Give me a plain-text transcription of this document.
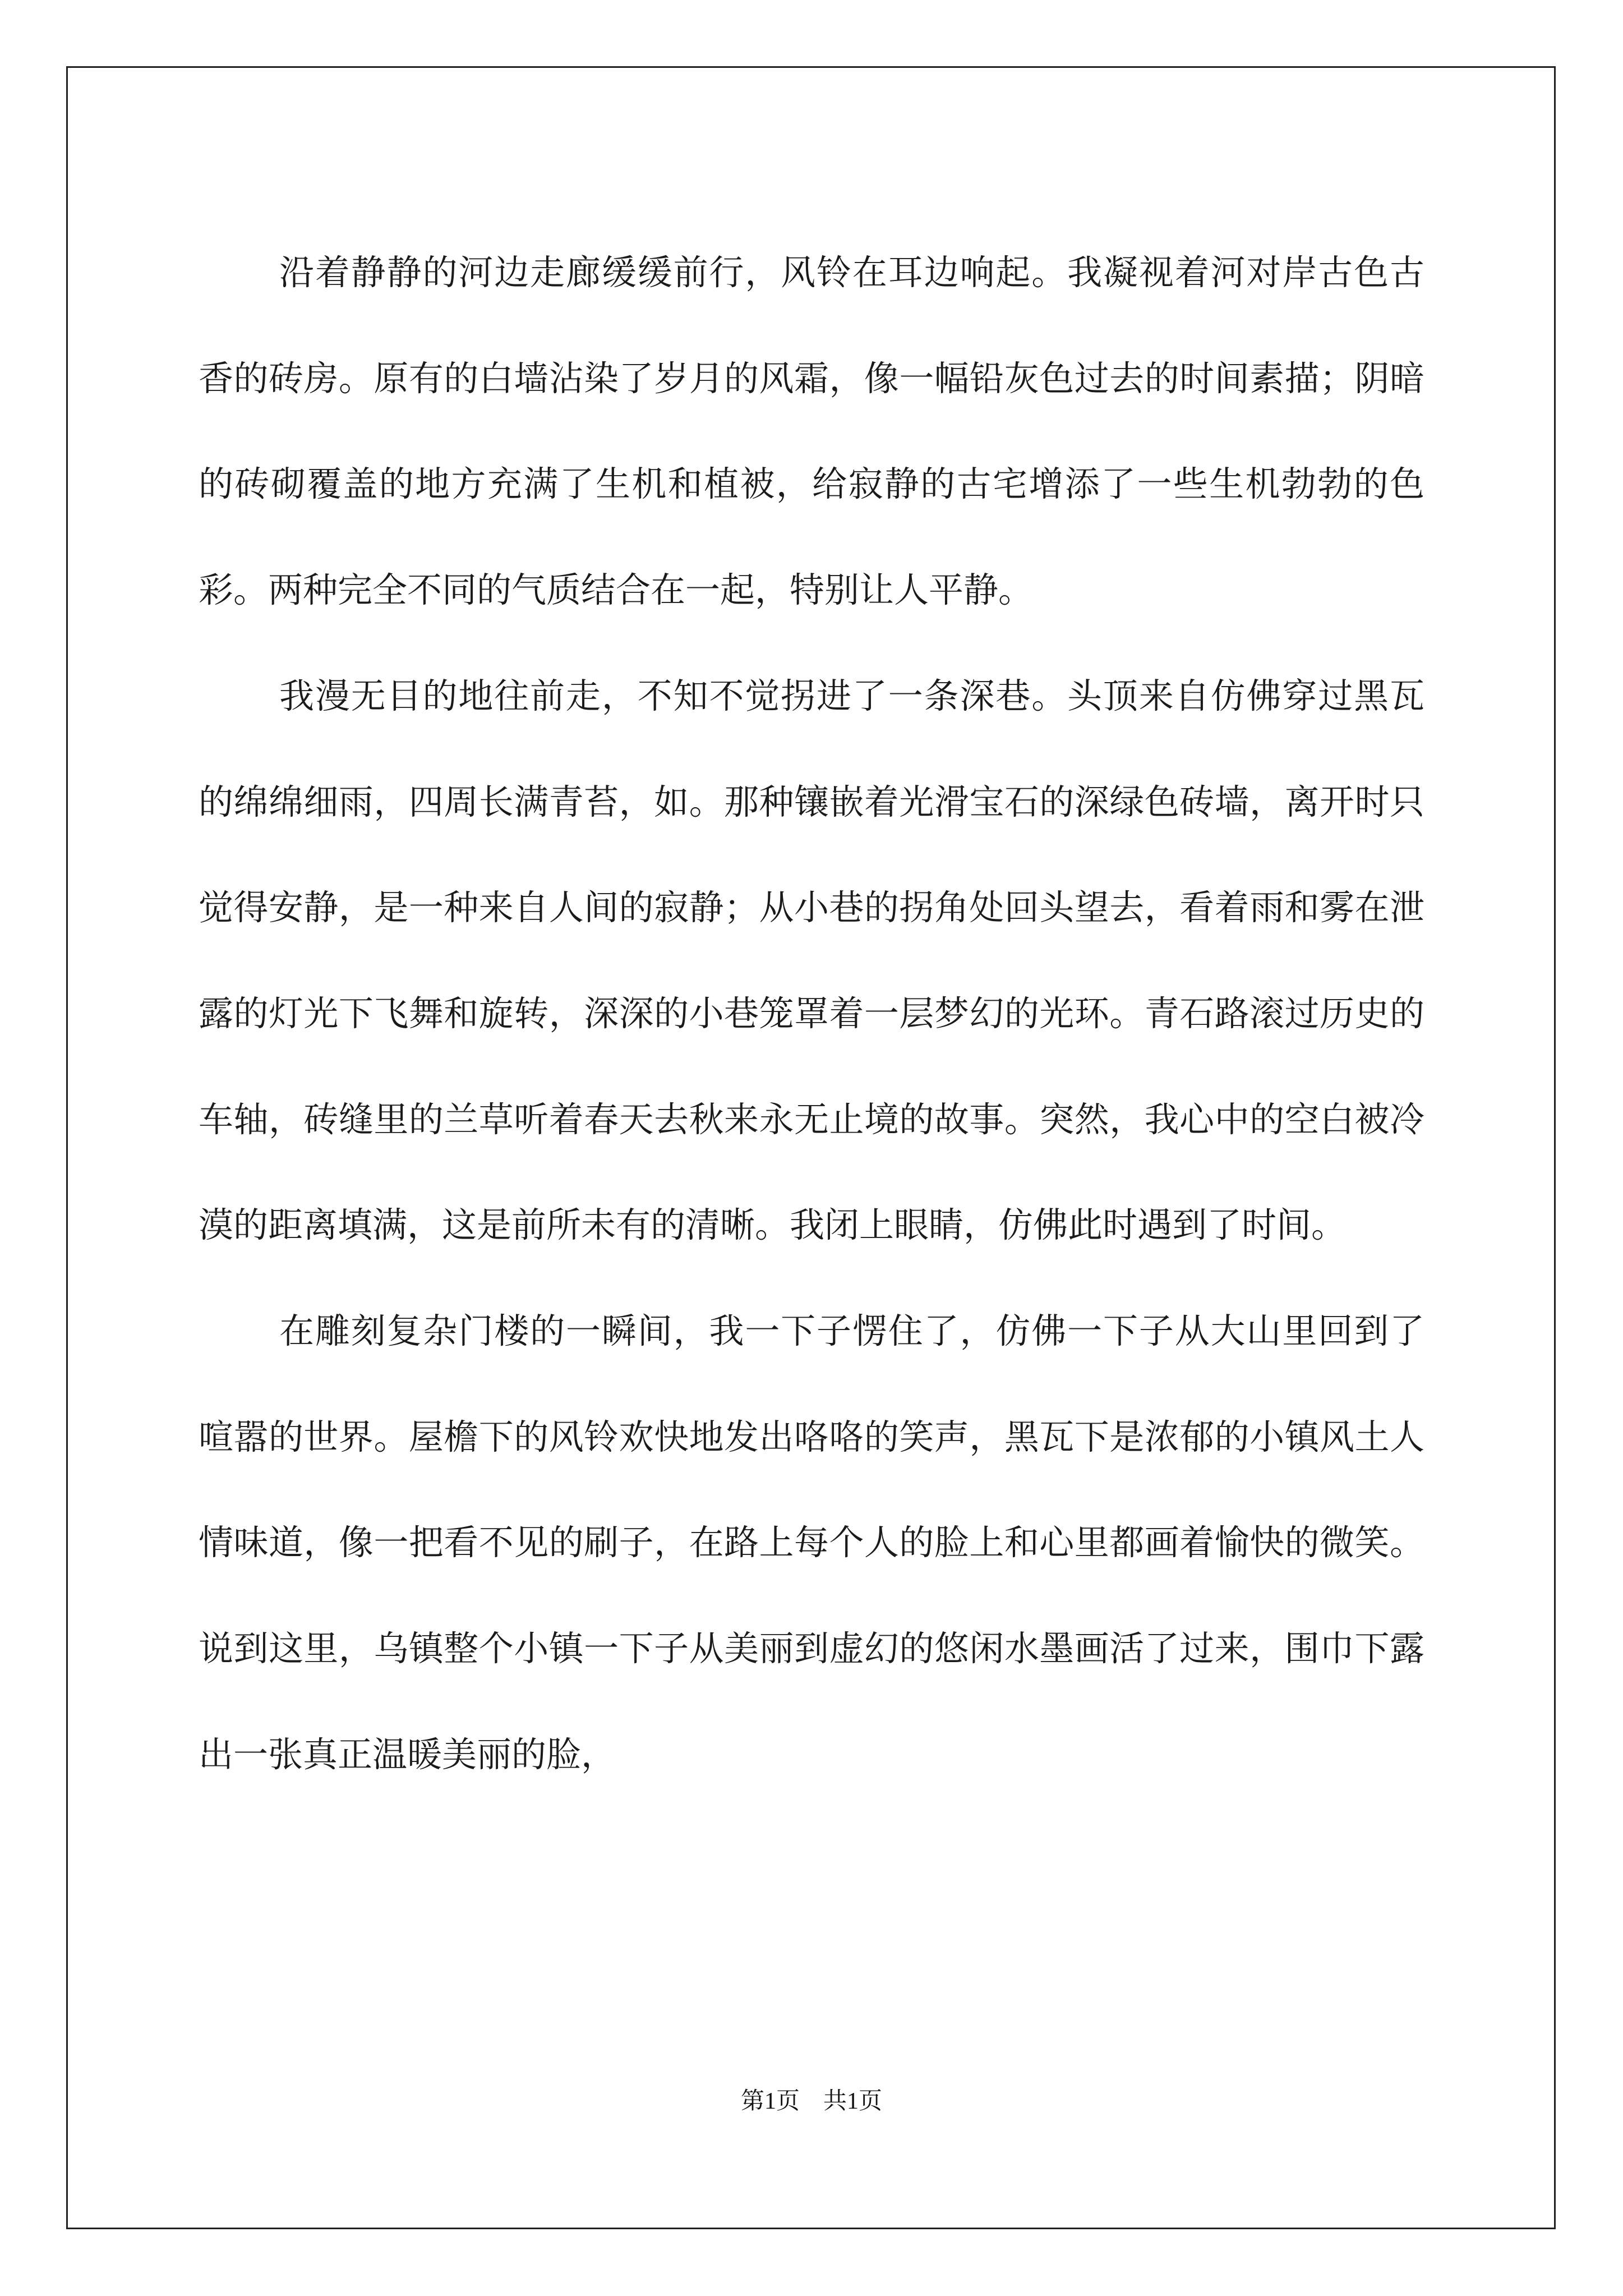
沿着静静的河边走廊缓缓前行，风铃在耳边响起。我凝视着河对岸古色古香的砖房。原有的白墙沾染了岁月的风霜，像一幅铅灰色过去的时间素描；阴暗的砖砌覆盖的地方充满了生机和植被，给寂静的古宅增添了一些生机勃勃的色彩。两种完全不同的气质结合在一起，特别让人平静。

我漫无目的地往前走，不知不觉拐进了一条深巷。头顶来自仿佛穿过黑瓦的绵绵细雨，四周长满青苔，如。那种镶嵌着光滑宝石的深绿色砖墙，离开时只觉得安静，是一种来自人间的寂静；从小巷的拐角处回头望去，看着雨和雾在泄露的灯光下飞舞和旋转，深深的小巷笼罩着一层梦幻的光环。青石路滚过历史的车轴，砖缝里的兰草听着春天去秋来永无止境的故事。突然，我心中的空白被冷漠的距离填满，这是前所未有的清晰。我闭上眼睛，仿佛此时遇到了时间。

在雕刻复杂门楼的一瞬间，我一下子愣住了，仿佛一下子从大山里回到了喧嚣的世界。屋檐下的风铃欢快地发出咯咯的笑声，黑瓦下是浓郁的小镇风土人情味道，像一把看不见的刷子，在路上每个人的脸上和心里都画着愉快的微笑。说到这里，乌镇整个小镇一下子从美丽到虚幻的悠闲水墨画活了过来，围巾下露出一张真正温暖美丽的脸，

第1页　共1页
